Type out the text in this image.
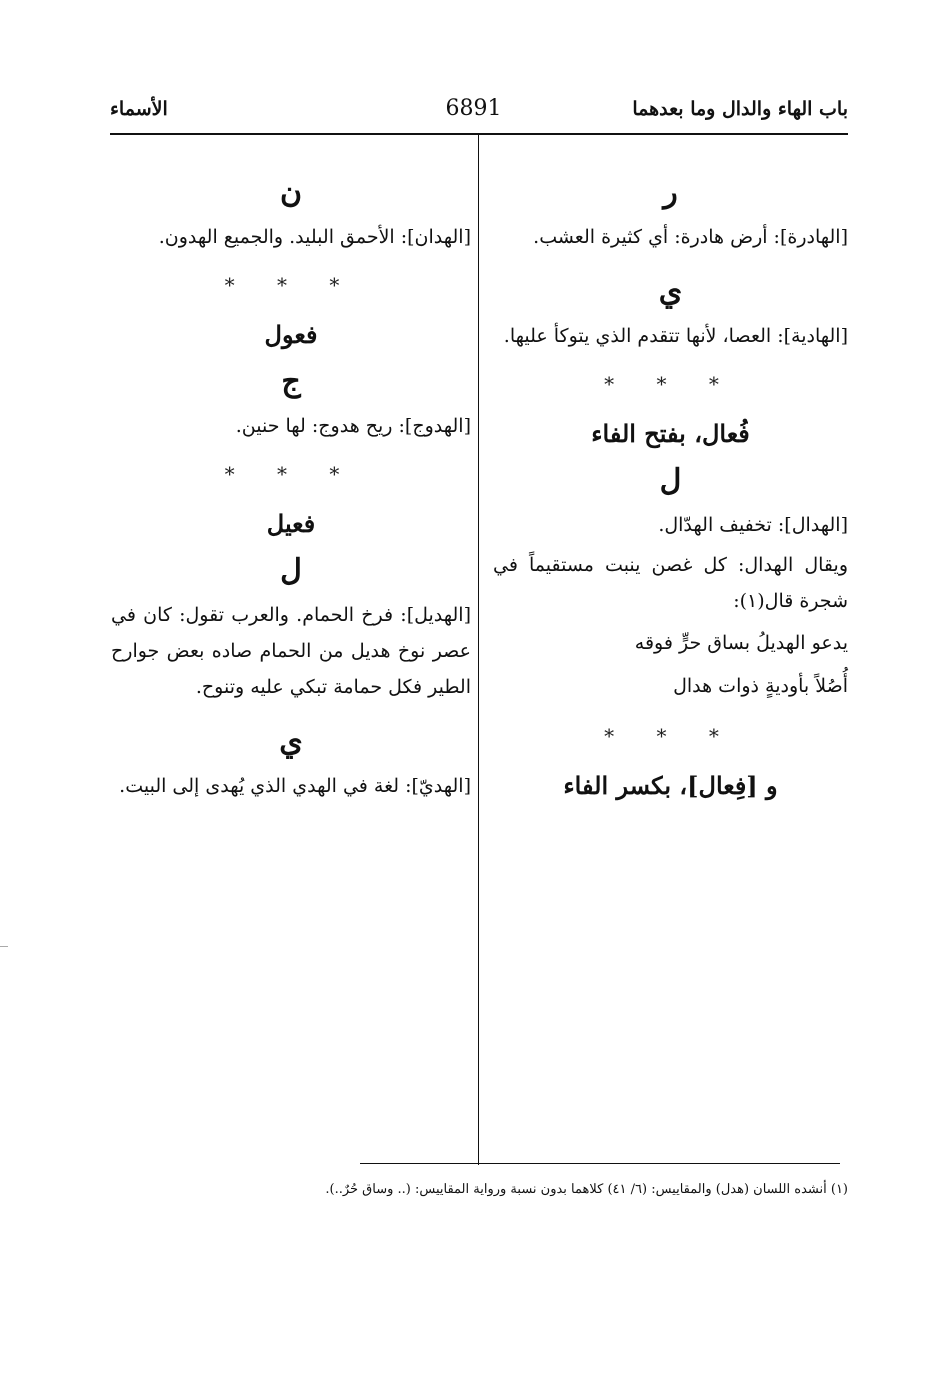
باب الهاء والدال وما بعدهما
6891
الأسماء
ر
[الهادرة]: أرض هادرة: أي كثيرة العشب.
ي
[الهادية]: العصا، لأنها تتقدم الذي يتوكأ عليها.
* * *
فُعال، بفتح الفاء
ل
[الهدال]: تخفيف الهدّال.
ويقال الهدال: كل غصن ينبت مستقيماً في شجرة قال(١):
يدعو الهديلُ بساق حرٍّ فوقه
أُصُلاً بأوديةٍ ذوات هدال
* * *
و [فِعال]، بكسر الفاء
ن
[الهدان]: الأحمق البليد. والجميع الهدون.
* * *
فعول
ج
[الهدوج]: ريح هدوج: لها حنين.
* * *
فعيل
ل
[الهديل]: فرخ الحمام. والعرب تقول: كان في عصر نوخ هديل من الحمام صاده بعض جوارح الطير فكل حمامة تبكي عليه وتنوح.
ي
[الهديّ]: لغة في الهدي الذي يُهدى إلى البيت.
(١) أنشده اللسان (هدل) والمقاييس: (٦/ ٤١) كلاهما بدون نسبة ورواية المقاييس: (.. وساق حُرٌ..).
